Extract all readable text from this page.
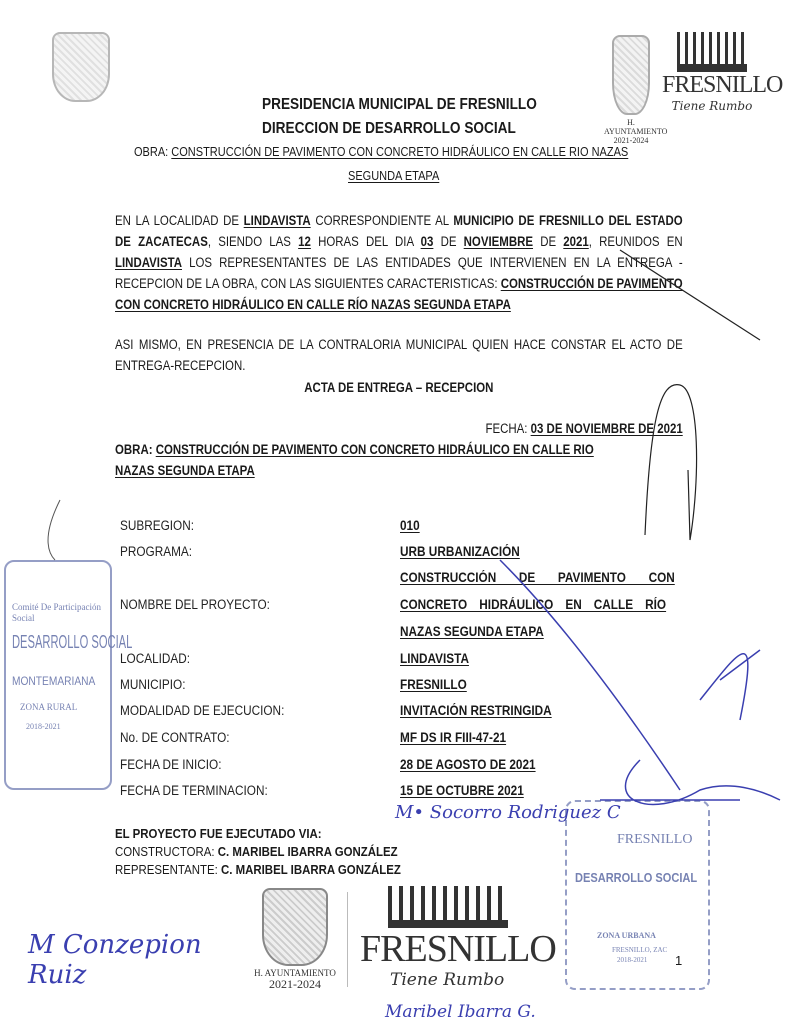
H. AYUNTAMIENTO
2021-2024
FRESNILLO
Tiene Rumbo
PRESIDENCIA MUNICIPAL DE FRESNILLO
DIRECCION DE DESARROLLO SOCIAL
OBRA: CONSTRUCCIÓN DE PAVIMENTO CON CONCRETO HIDRÁULICO EN CALLE RIO NAZAS
SEGUNDA ETAPA
EN LA LOCALIDAD DE LINDAVISTA CORRESPONDIENTE AL MUNICIPIO DE FRESNILLO DEL ESTADO DE ZACATECAS, SIENDO LAS 12 HORAS DEL DIA 03 DE NOVIEMBRE DE 2021, REUNIDOS EN LINDAVISTA LOS REPRESENTANTES DE LAS ENTIDADES QUE INTERVIENEN EN LA ENTREGA - RECEPCION DE LA OBRA, CON LAS SIGUIENTES CARACTERISTICAS: CONSTRUCCIÓN DE PAVIMENTO CON CONCRETO HIDRÁULICO EN CALLE RÍO NAZAS SEGUNDA ETAPA
ASI MISMO, EN PRESENCIA DE LA CONTRALORIA MUNICIPAL QUIEN HACE CONSTAR EL ACTO DE ENTREGA-RECEPCION.
ACTA DE ENTREGA – RECEPCION
FECHA: 03 DE NOVIEMBRE DE 2021
OBRA: CONSTRUCCIÓN DE PAVIMENTO CON CONCRETO HIDRÁULICO EN CALLE RIO
NAZAS SEGUNDA ETAPA
SUBREGION:	010
PROGRAMA:	URB URBANIZACIÓN
NOMBRE DEL PROYECTO:
CONSTRUCCIÓN DE PAVIMENTO CON
CONCRETO HIDRÁULICO EN CALLE RÍO
NAZAS SEGUNDA ETAPA
LOCALIDAD:	LINDAVISTA
MUNICIPIO:	FRESNILLO
MODALIDAD DE EJECUCION:	INVITACIÓN RESTRINGIDA
No. DE CONTRATO:	MF DS IR FIII-47-21
FECHA DE INICIO:	28 DE AGOSTO DE 2021
FECHA DE TERMINACION:	15 DE OCTUBRE 2021
EL PROYECTO FUE EJECUTADO VIA:
CONSTRUCTORA: C. MARIBEL IBARRA GONZÁLEZ
REPRESENTANTE: C. MARIBEL IBARRA GONZÁLEZ
H. AYUNTAMIENTO
2021-2024
FRESNILLO
Tiene Rumbo
Comité De Participación Social
DESARROLLO SOCIAL
MONTEMARIANA
ZONA RURAL
2018-2021
FRESNILLO
DESARROLLO SOCIAL
ZONA URBANA
FRESNILLO, ZAC
2018-2021	1
M Conzepion Ruiz
M• Socorro Rodriguez C
Maribel Ibarra G.
